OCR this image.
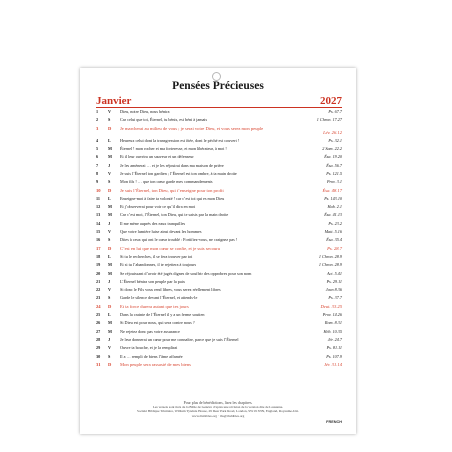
Pensées Précieuses
Janvier	2027
1	V	Dieu, notre Dieu, nous bénira	Ps. 67.7
2	S	Car celui que toi, Éternel, tu bénis, est béni à jamais	1 Chron. 17.27
3	D	Je marcherai au milieu de vous ; je serai votre Dieu, et vous serez mon peuple
Lév. 26.12
4	L	Heureux celui dont la transgression est ôtée, dont le péché est couvert !	Ps. 32.1
5	M	Éternel ! mon rocher et ma forteresse, et mon libérateur, à moi !	2 Sam. 22.2
6	M	Et il leur ouvrira un sauveur et un défenseur	Ésa. 19.20
7	J	Je les amènerai … et je les réjouirai dans ma maison de prière	Ésa. 56.7
8	V	Je suis l’Éternel ton gardien ; l’Éternel est ton ombre, à ta main droite	Ps. 121.5
9	S	Mon fils ! … que ton cœur garde mes commandements	Prov. 3.1
10	D	Je suis l’Éternel, ton Dieu, qui t’enseigne pour ton profit	Ésa. 48.17
11	L	Enseigne-moi à faire ta volonté ! car c’est toi qui es mon Dieu	Ps. 143.10
12	M	Et j’observerai pour voir ce qu’il dira en moi	Hab. 2.1
13	M	Car c’est moi, l’Éternel, ton Dieu, qui te saisis par la main droite	Ésa. 41.13
14	J	Il me mène auprès des eaux tranquilles	Ps. 23.2
15	V	Que votre lumière luise ainsi devant les hommes	Matt. 5.16
16	S	Dites à ceux qui ont le cœur troublé : Fortifiez-vous, ne craignez pas !	Ésa. 35.4
17	D	C’est en lui que mon cœur se confie, et je suis secouru	Ps. 28.7
18	L	Si tu le recherches, il se fera trouver par toi	1 Chron. 28.9
19	M	Et si tu l’abandonnes, il te rejettera à toujours	1 Chron. 28.9
20	M	Se réjouissant d’avoir été jugés dignes de souffrir des opprobres pour son nom	Act. 5.41
21	J	L’Éternel bénira son peuple par la paix	Ps. 29.11
22	V	Si donc le Fils vous rend libres, vous serez réellement libres	Jean 8.36
23	S	Garde le silence devant l’Éternel, et attends-le	Ps. 37.7
24	D	Et ta force durera autant que tes jours	Deut. 33.25
25	L	Dans la crainte de l’Éternel il y a un ferme soutien	Prov. 14.26
26	M	Si Dieu est pour nous, qui sera contre nous ?	Rom. 8.31
27	M	Ne rejetez donc pas votre assurance	Héb. 10.35
28	J	Je leur donnerai un cœur pour me connaître, parce que je suis l’Éternel	Jér. 24.7
29	V	Ouvre ta bouche, et je la remplirai	Ps. 81.11
30	S	Il a … rempli de biens l’âme affamée	Ps. 107.9
31	D	Mon peuple sera rassasié de mes biens	Jér. 31.14
Pour plus de bénédictions, lisez les chapitres.
Les versets sont tirés de la Bible de Genève d’après une révision de la version dite de Lausanne.
Société Biblique Trinitaire, William Tyndale House, 29 Deer Park Road, London, SW19 3NN, England, Royaume-Uni.
www.tbsbibles.org · tbs@tbsbibles.org
FRENCH
